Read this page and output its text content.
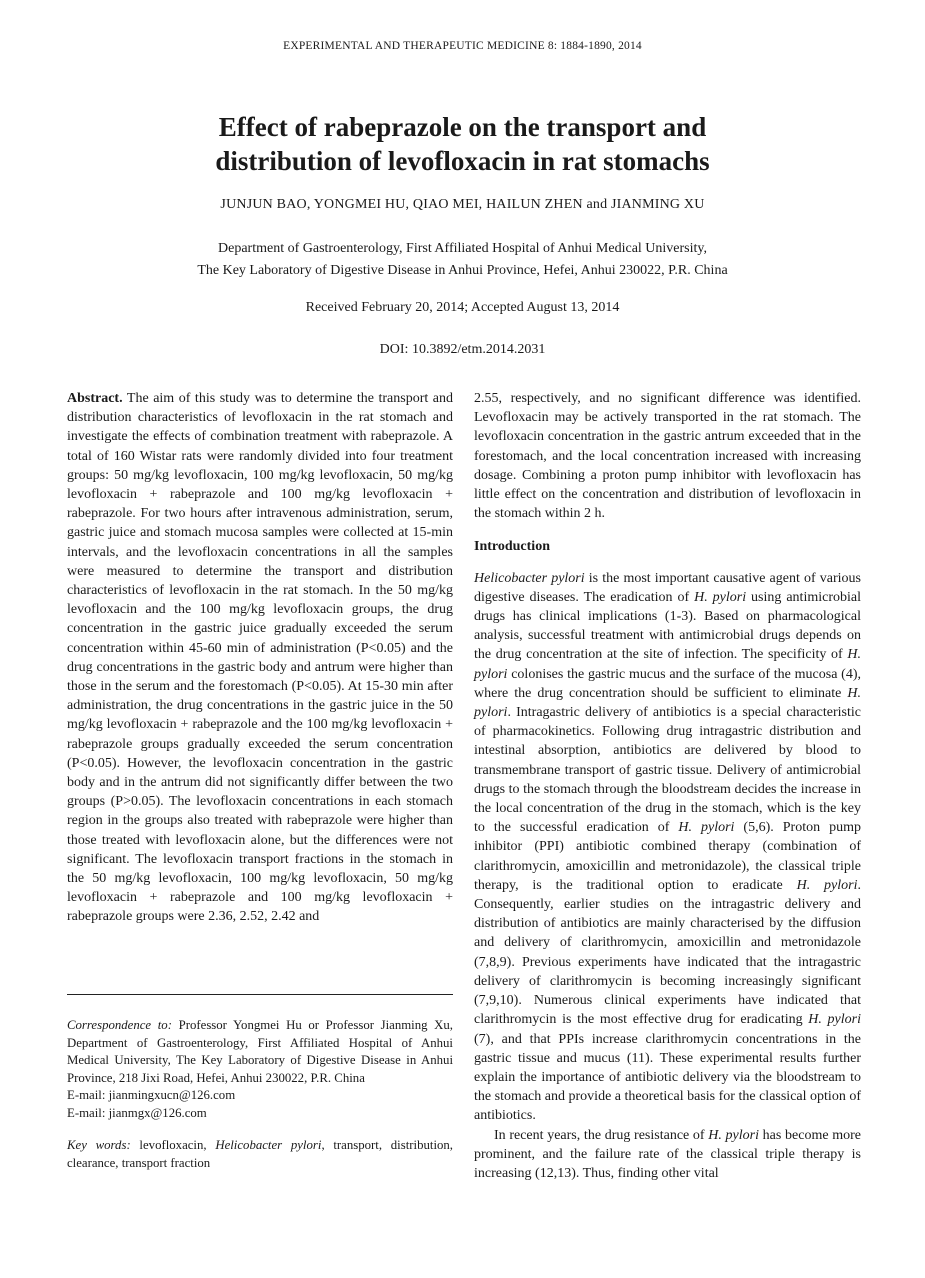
EXPERIMENTAL AND THERAPEUTIC MEDICINE 8: 1884-1890, 2014
Effect of rabeprazole on the transport and
distribution of levofloxacin in rat stomachs
JUNJUN BAO, YONGMEI HU, QIAO MEI, HAILUN ZHEN and JIANMING XU
Department of Gastroenterology, First Affiliated Hospital of Anhui Medical University,
The Key Laboratory of Digestive Disease in Anhui Province, Hefei, Anhui 230022, P.R. China
Received February 20, 2014; Accepted August 13, 2014
DOI: 10.3892/etm.2014.2031

Abstract. The aim of this study was to determine the transport and distribution characteristics of levofloxacin in the rat stomach and investigate the effects of combination treatment with rabeprazole. A total of 160 Wistar rats were randomly divided into four treatment groups: 50 mg/kg levofloxacin, 100 mg/kg levofloxacin, 50 mg/kg levofloxacin + rabeprazole and 100 mg/kg levofloxacin + rabeprazole. For two hours after intravenous administration, serum, gastric juice and stomach mucosa samples were collected at 15-min intervals, and the levofloxacin concentrations in all the samples were measured to determine the transport and distribution characteristics of levofloxacin in the rat stomach. In the 50 mg/kg levofloxacin and the 100 mg/kg levofloxacin groups, the drug concentration in the gastric juice gradually exceeded the serum concentration within 45-60 min of administration (P<0.05) and the drug concentrations in the gastric body and antrum were higher than those in the serum and the forestomach (P<0.05). At 15-30 min after administration, the drug concentrations in the gastric juice in the 50 mg/kg levofloxacin + rabeprazole and the 100 mg/kg levofloxacin + rabeprazole groups gradually exceeded the serum concentration (P<0.05). However, the levofloxacin concentration in the gastric body and in the antrum did not significantly differ between the two groups (P>0.05). The levofloxacin concentrations in each stomach region in the groups also treated with rabeprazole were higher than those treated with levofloxacin alone, but the differences were not significant. The levofloxacin transport fractions in the stomach in the 50 mg/kg levofloxacin, 100 mg/kg levofloxacin, 50 mg/kg levofloxacin + rabeprazole and 100 mg/kg levofloxacin + rabeprazole groups were 2.36, 2.52, 2.42 and

2.55, respectively, and no significant difference was identified. Levofloxacin may be actively transported in the rat stomach. The levofloxacin concentration in the gastric antrum exceeded that in the forestomach, and the local concentration increased with increasing dosage. Combining a proton pump inhibitor with levofloxacin has little effect on the concentration and distribution of levofloxacin in the stomach within 2 h.

Introduction

Helicobacter pylori is the most important causative agent of various digestive diseases. The eradication of H. pylori using antimicrobial drugs has clinical implications (1-3). Based on pharmacological analysis, successful treatment with antimicrobial drugs depends on the drug concentration at the site of infection. The specificity of H. pylori colonises the gastric mucus and the surface of the mucosa (4), where the drug concentration should be sufficient to eliminate H. pylori. Intragastric delivery of antibiotics is a special characteristic of pharmacokinetics. Following drug intragastric distribution and intestinal absorption, antibiotics are delivered by blood to transmembrane transport of gastric tissue. Delivery of antimicrobial drugs to the stomach through the bloodstream decides the increase in the local concentration of the drug in the stomach, which is the key to the successful eradication of H. pylori (5,6). Proton pump inhibitor (PPI) antibiotic combined therapy (combination of clarithromycin, amoxicillin and metronidazole), the classical triple therapy, is the traditional option to eradicate H. pylori. Consequently, earlier studies on the intragastric delivery and distribution of antibiotics are mainly characterised by the diffusion and delivery of clarithromycin, amoxicillin and metronidazole (7,8,9). Previous experiments have indicated that the intragastric delivery of clarithromycin is becoming increasingly significant (7,9,10). Numerous clinical experiments have indicated that clarithromycin is the most effective drug for eradicating H. pylori (7), and that PPIs increase clarithromycin concentrations in the gastric tissue and mucus (11). These experimental results further explain the importance of antibiotic delivery via the bloodstream to the stomach and provide a theoretical basis for the classical option of antibiotics.

In recent years, the drug resistance of H. pylori has become more prominent, and the failure rate of the classical triple therapy is increasing (12,13). Thus, finding other vital

Correspondence to: Professor Yongmei Hu or Professor Jianming Xu, Department of Gastroenterology, First Affiliated Hospital of Anhui Medical University, The Key Laboratory of Digestive Disease in Anhui Province, 218 Jixi Road, Hefei, Anhui 230022, P.R. China

E-mail: jianmingxucn@126.com

E-mail: jianmgx@126.com

Key words: levofloxacin, Helicobacter pylori, transport, distribution, clearance, transport fraction
